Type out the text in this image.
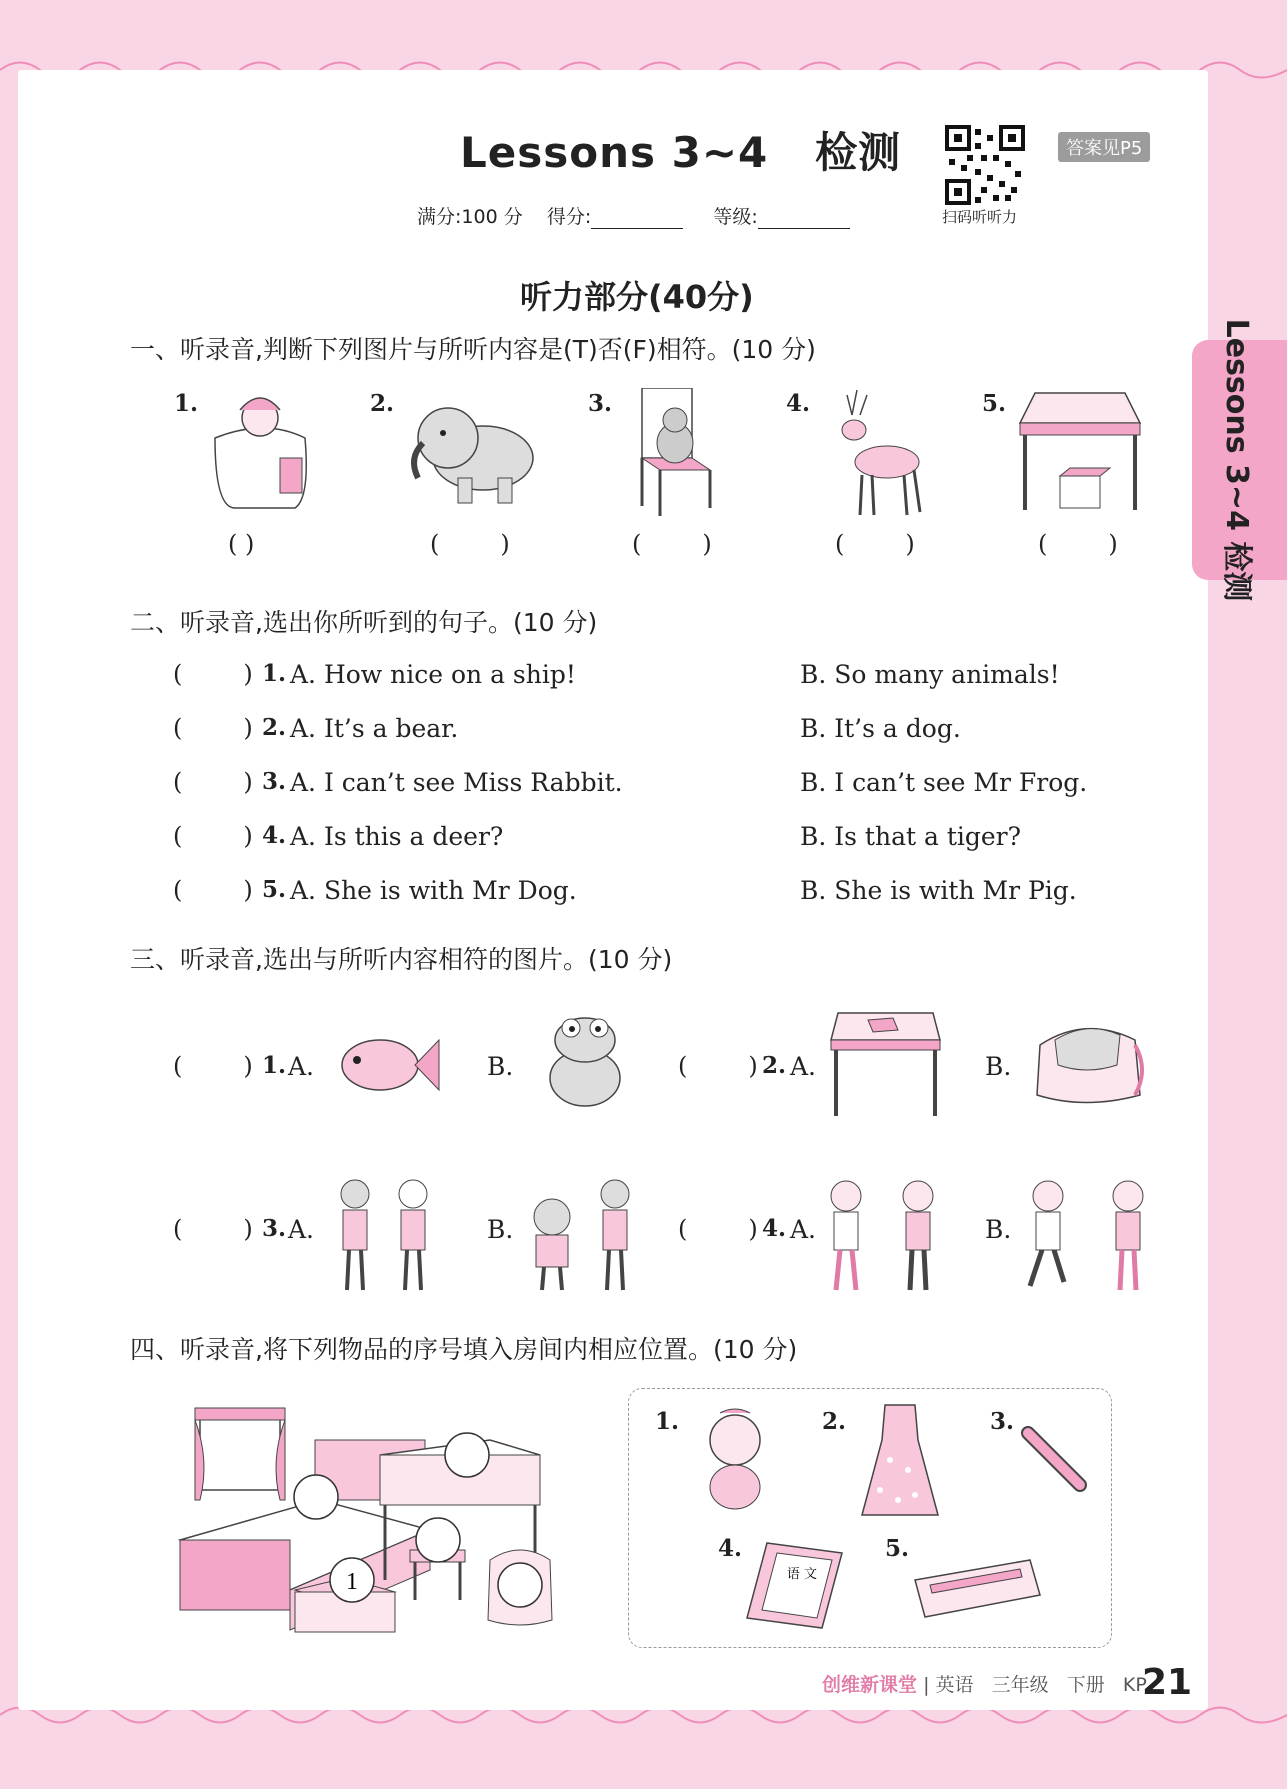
Lessons 3~4 检测
Lessons 3~4   检测
扫码听听力
答案见P5
满分:100 分 得分:	等级:
听力部分(40分)
一、听录音,判断下列图片与所听内容是(T)否(F)相符。(10 分)
1.
( )
2.
(        )
3.
(        )
4.
(        )
5.
(        )
二、听录音,选出你所听到的句子。(10 分)
(        ) 1. A. How nice on a ship!	B. So many animals!
(        ) 2. A. It’s a bear.	B. It’s a dog.
(        ) 3. A. I can’t see Miss Rabbit.	B. I can’t see Mr Frog.
(        ) 4. A. Is this a deer?	B. Is that a tiger?
(        ) 5. A. She is with Mr Dog.	B. She is with Mr Pig.
三、听录音,选出与所听内容相符的图片。(10 分)
(        ) 1. A.	B.	(        ) 2. A.	B.
(        ) 3. A.	B.	(        ) 4. A.	B.
四、听录音,将下列物品的序号填入房间内相应位置。(10 分)
1
1.	2.	3.
4.
语 文
5.
创维新课堂 | 英语   三年级   下册   KP
21
